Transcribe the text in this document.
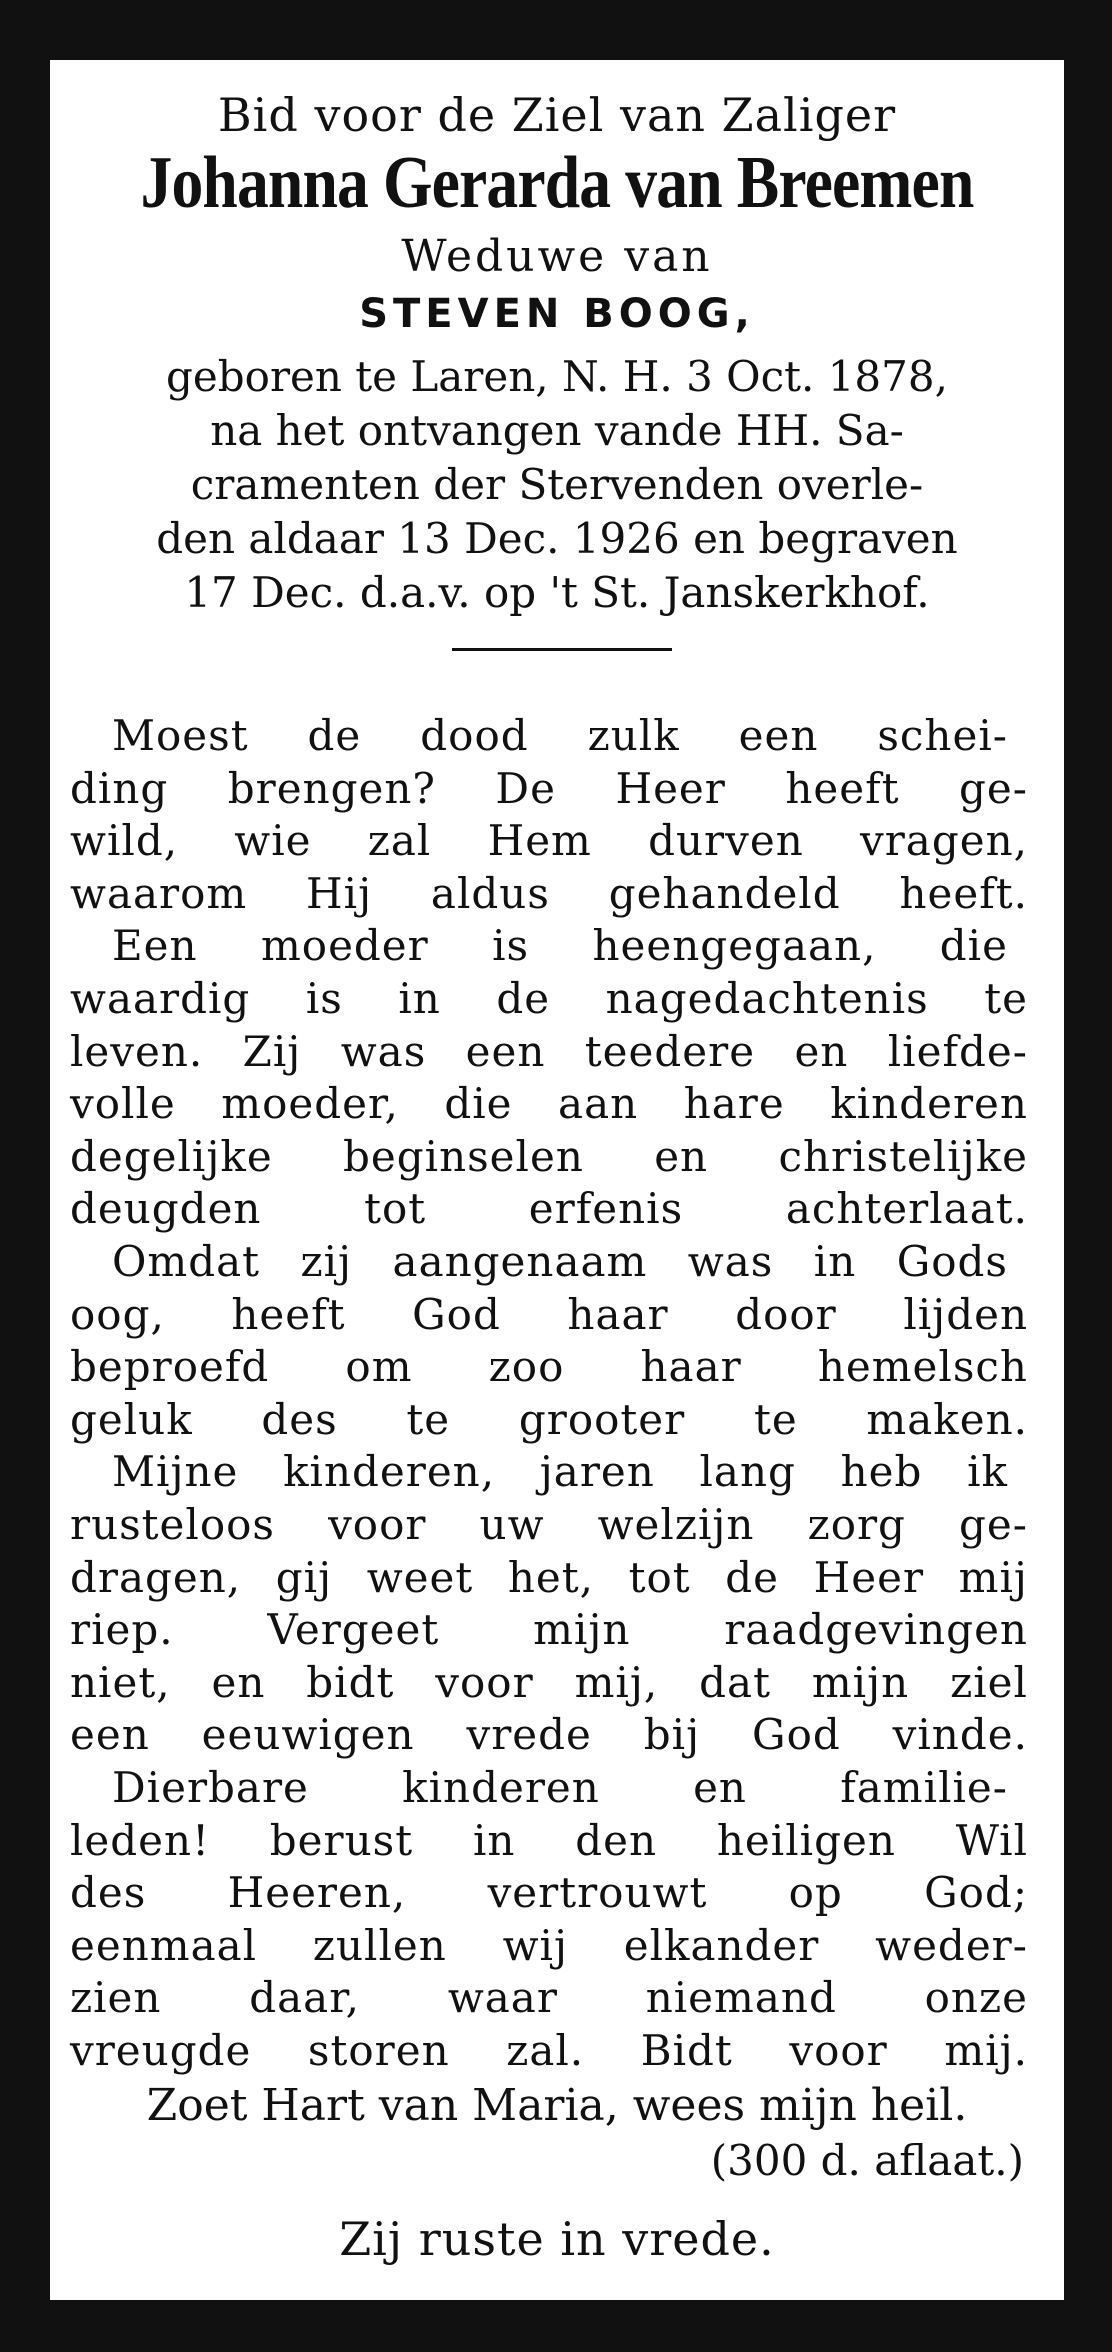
Bid voor de Ziel van Zaliger
Johanna Gerarda van Breemen
Weduwe van
STEVEN BOOG,
geboren te Laren, N. H. 3 Oct. 1878,
na het ontvangen vande HH. Sa-
cramenten der Stervenden overle-
den aldaar 13 Dec. 1926 en begraven
17 Dec. d.a.v. op 't St. Janskerkhof.
Moest de dood zulk een schei-
ding brengen? De Heer heeft ge-
wild, wie zal Hem durven vragen,
waarom Hij aldus gehandeld heeft.
Een moeder is heengegaan, die
waardig is in de nagedachtenis te
leven. Zij was een teedere en liefde-
volle moeder, die aan hare kinderen
degelijke beginselen en christelijke
deugden tot erfenis achterlaat.
Omdat zij aangenaam was in Gods
oog, heeft God haar door lijden
beproefd om zoo haar hemelsch
geluk des te grooter te maken.
Mijne kinderen, jaren lang heb ik
rusteloos voor uw welzijn zorg ge-
dragen, gij weet het, tot de Heer mij
riep. Vergeet mijn raadgevingen
niet, en bidt voor mij, dat mijn ziel
een eeuwigen vrede bij God vinde.
Dierbare kinderen en familie-
leden! berust in den heiligen Wil
des Heeren, vertrouwt op God;
eenmaal zullen wij elkander weder-
zien daar, waar niemand onze
vreugde storen zal. Bidt voor mij.
Zoet Hart van Maria, wees mijn heil.
(300 d. aflaat.)
Zij ruste in vrede.
